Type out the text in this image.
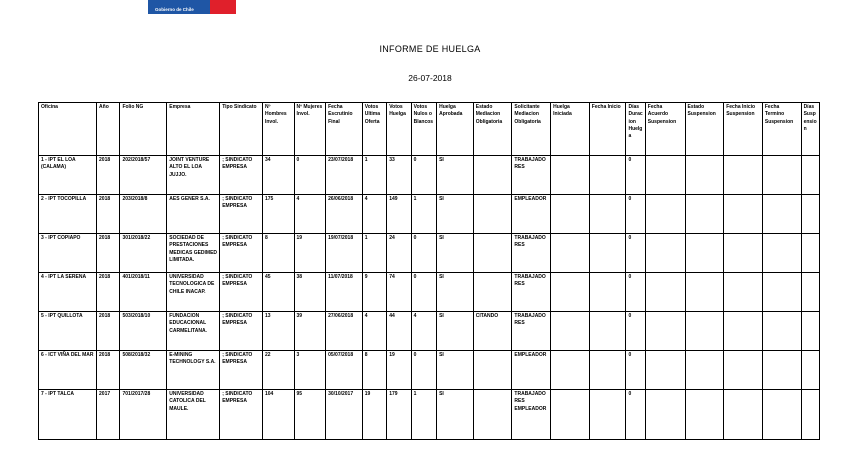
Gobierno de Chile
INFORME DE HUELGA
26-07-2018
Oficina	Año	Folio NG	Empresa	Tipo Sindicato	Nº Hombres Invol.	Nº Mujeres Invol.	Fecha Escrutinio Final	Votos Ultima Oferta	Votos Huelga	Votos Nulos o Blancos	Huelga Aprobada	Estado Mediacion Obligatoria	Solicitante Mediacion Obligatoria	Huelga Iniciada	Fecha Inicio	Días Duracion Huelga	Fecha Acuerdo Suspension	Estado Suspension	Fecha Inicio Suspension	Fecha Termino Suspension	Días Suspension
1 - IPT EL LOA (CALAMA)	2018	202/2018/57	JOINT VENTURE ALTO EL LOA JUJJO.	; SINDICATO EMPRESA	34	0	23/07/2018	1	33	0	SI		TRABAJADORES			0					
2 - IPT TOCOPILLA	2018	203/2018/8	AES GENER S.A.	; SINDICATO EMPRESA	175	4	26/06/2018	4	149	1	SI		EMPLEADOR			0					
3 - IPT COPIAPO	2018	301/2018/22	SOCIEDAD DE PRESTACIONES MEDICAS GEDIMED LIMITADA.	; SINDICATO EMPRESA	8	19	19/07/2018	1	24	0	SI		TRABAJADORES			0					
4 - IPT LA SERENA	2018	401/2018/11	UNIVERSIDAD TECNOLOGICA DE CHILE INACAP.	; SINDICATO EMPRESA	45	38	11/07/2018	9	74	0	SI		TRABAJADORES			0					
5 - IPT QUILLOTA	2018	503/2018/10	FUNDACION EDUCACIONAL CARMELITANA.	; SINDICATO EMPRESA	13	39	27/06/2018	4	44	4	SI	CITANDO	TRABAJADORES			0					
6 - ICT VIÑA DEL MAR	2018	508/2018/32	E-MINING TECHNOLOGY S.A.	; SINDICATO EMPRESA	22	3	05/07/2018	8	19	0	SI		EMPLEADOR			0					
7 - IPT TALCA	2017	701/2017/28	UNIVERSIDAD CATOLICA DEL MAULE.	; SINDICATO EMPRESA	104	95	30/10/2017	19	179	1	SI		TRABAJADORES EMPLEADOR			0					
